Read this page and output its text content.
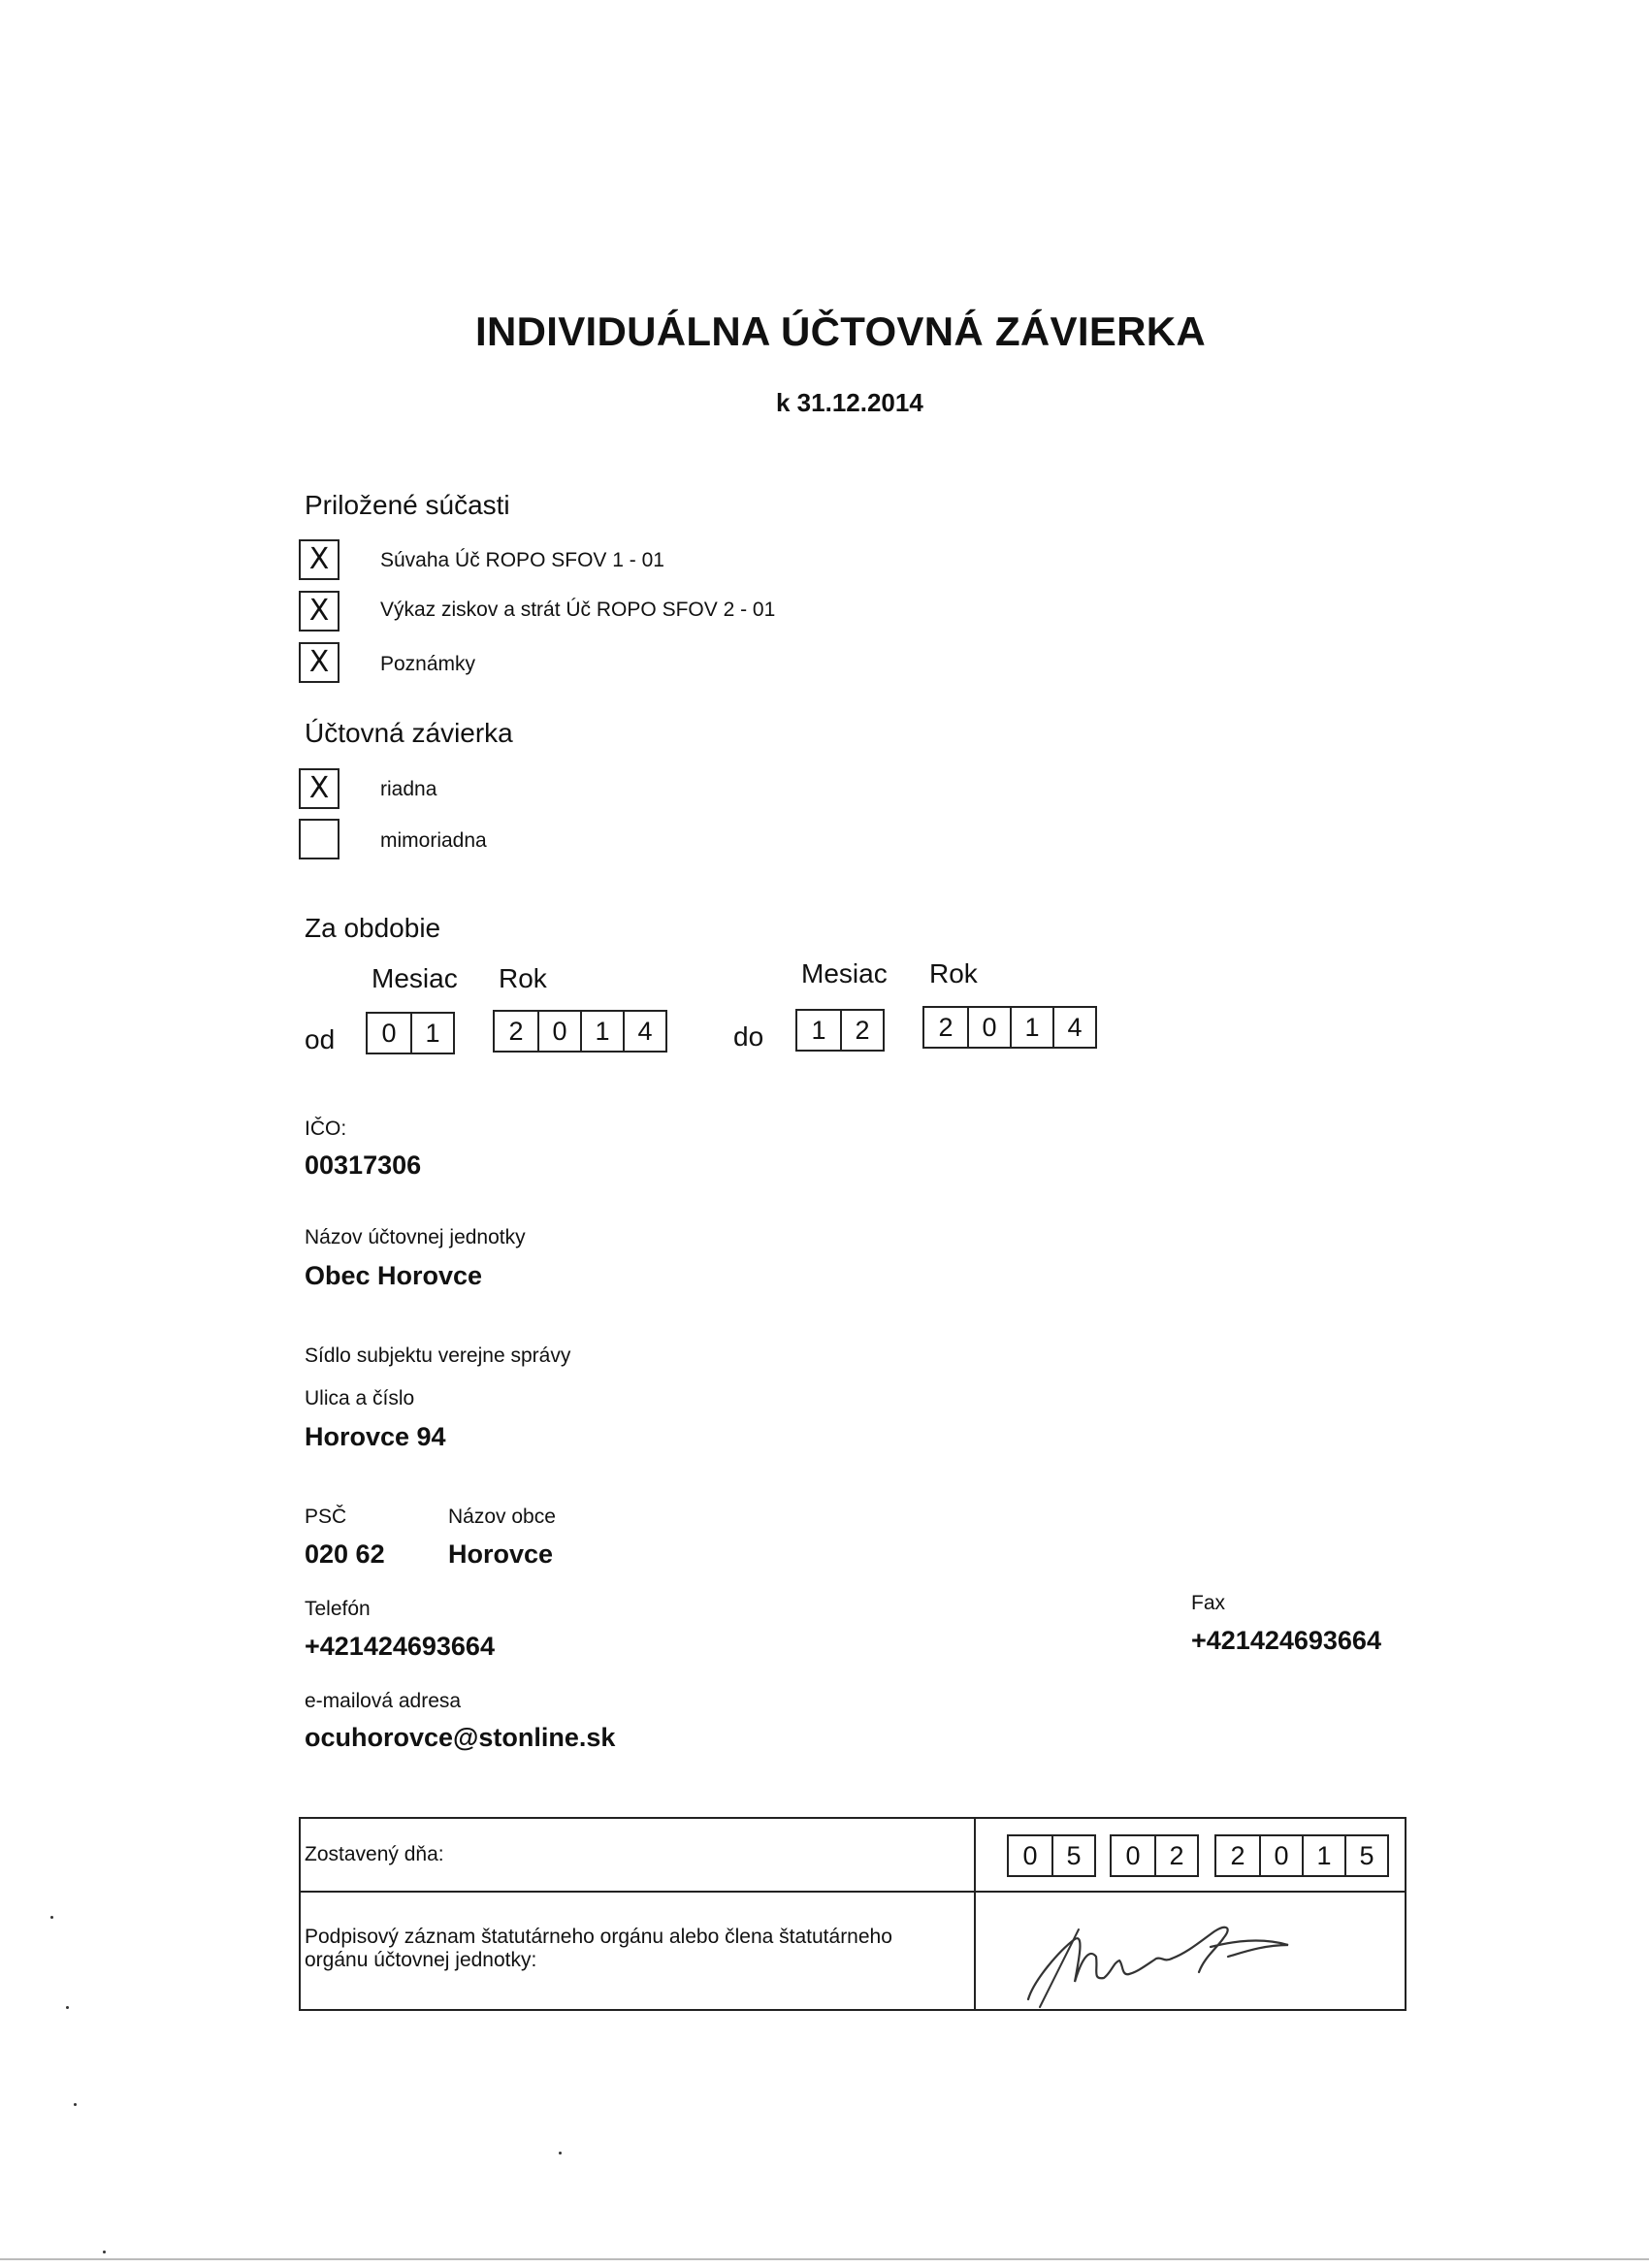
INDIVIDUÁLNA ÚČTOVNÁ ZÁVIERKA
k 31.12.2014
Priložené súčasti
X	Súvaha Úč ROPO SFOV 1 - 01
X	Výkaz ziskov a strát Úč ROPO SFOV 2 - 01
X	Poznámky
Účtovná závierka
X	riadna
mimoriadna
Za obdobie
Mesiac Rok
od	0	1	2	0	1	4
Mesiac Rok
do	1	2	2	0	1	4
IČO:
00317306
Názov účtovnej jednotky
Obec Horovce
Sídlo subjektu verejne správy
Ulica a číslo
Horovce 94
PSČ	Názov obce
020 62 Horovce
Telefón
+421424693664
Fax
+421424693664
e-mailová adresa
ocuhorovce@stonline.sk
Zostavený dňa:	0	5	0	2	2	0	1	5
Podpisový záznam štatutárneho orgánu alebo člena štatutárneho
orgánu účtovnej jednotky:
